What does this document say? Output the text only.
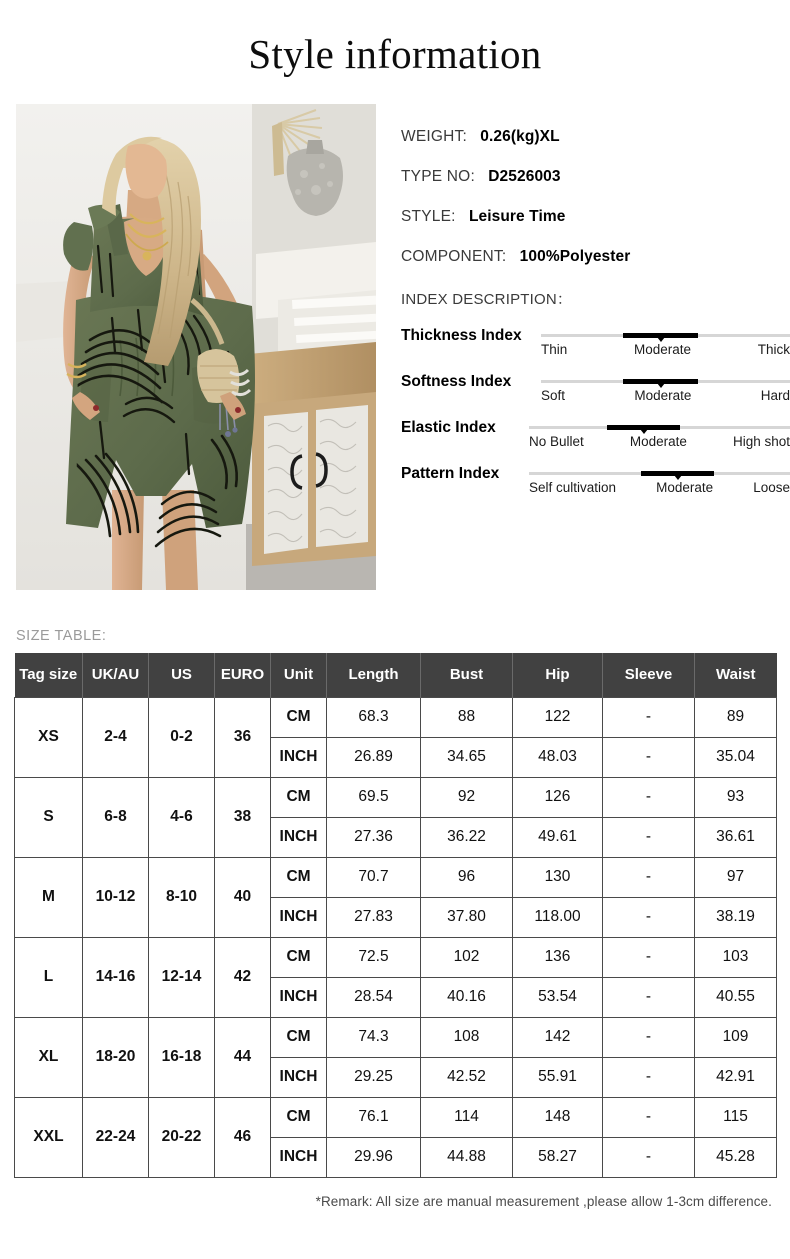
Style information
WEIGHT: 0.26(kg)XL
TYPE NO: D2526003
STYLE: Leisure Time
COMPONENT: 100%Polyester
INDEX DESCRIPTION：
Thickness Index
Thin	Moderate	Thick
Softness Index
Soft	Moderate	Hard
Elastic Index
No Bullet	Moderate	High shot
Pattern Index
Self cultivation	Moderate	Loose
SIZE TABLE:
Tag size	UK/AU	US	EURO	Unit	Length	Bust	Hip	Sleeve	Waist
XS	2-4	0-2	36	CM	68.3	88	122	-	89
				INCH	26.89	34.65	48.03	-	35.04
S	6-8	4-6	38	CM	69.5	92	126	-	93
				INCH	27.36	36.22	49.61	-	36.61
M	10-12	8-10	40	CM	70.7	96	130	-	97
				INCH	27.83	37.80	118.00	-	38.19
L	14-16	12-14	42	CM	72.5	102	136	-	103
				INCH	28.54	40.16	53.54	-	40.55
XL	18-20	16-18	44	CM	74.3	108	142	-	109
				INCH	29.25	42.52	55.91	-	42.91
XXL	22-24	20-22	46	CM	76.1	114	148	-	115
				INCH	29.96	44.88	58.27	-	45.28
*Remark: All size are manual measurement ,please allow 1-3cm difference.
